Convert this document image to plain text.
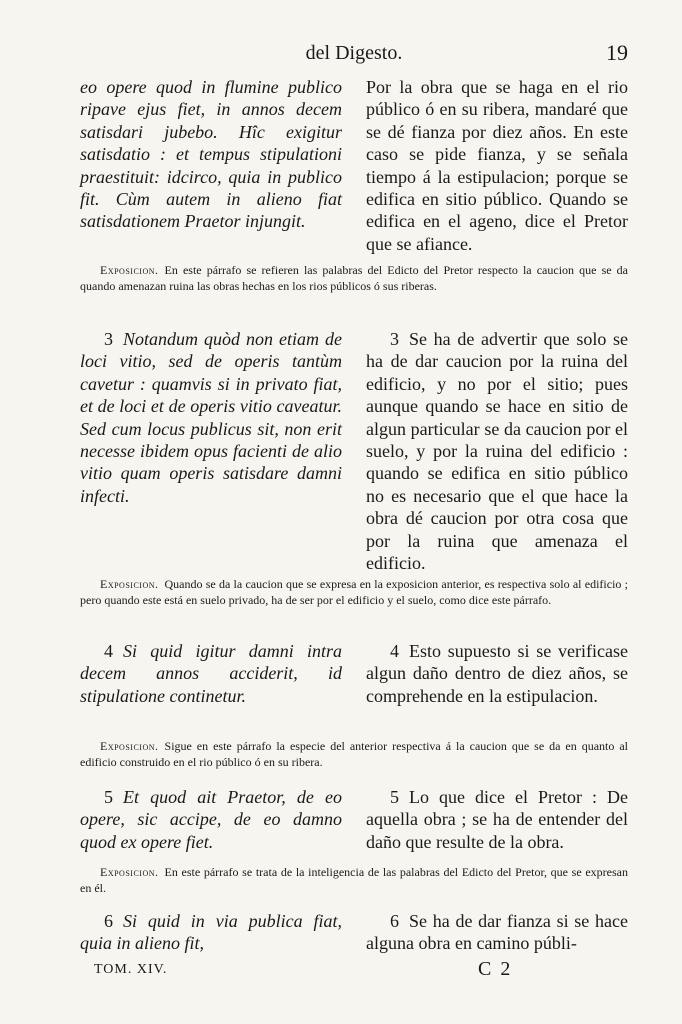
del Digesto.	19

eo opere quod in flumine publico ripave ejus fiet, in annos decem satisdari jubebo. Hîc exigitur satisdatio : et tempus stipulationi praestituit: idcirco, quia in publico fit. Cùm autem in alieno fiat satisdationem Praetor injungit.

Por la obra que se haga en el rio público ó en su ribera, mandaré que se dé fianza por diez años. En este caso se pide fianza, y se señala tiempo á la estipulacion; porque se edifica en sitio público. Quando se edifica en el ageno, dice el Pretor que se afiance.

Exposicion. En este párrafo se refieren las palabras del Edicto del Pretor respecto la caucion que se da quando amenazan ruina las obras hechas en los rios públicos ó sus riberas.

3 Notandum quòd non etiam de loci vitio, sed de operis tantùm cavetur : quamvis si in privato fiat, et de loci et de operis vitio caveatur. Sed cum locus publicus sit, non erit necesse ibidem opus facienti de alio vitio quam operis satisdare damni infecti.

3 Se ha de advertir que solo se ha de dar caucion por la ruina del edificio, y no por el sitio; pues aunque quando se hace en sitio de algun particular se da caucion por el suelo, y por la ruina del edificio : quando se edifica en sitio público no es necesario que el que hace la obra dé caucion por otra cosa que por la ruina que amenaza el edificio.

Exposicion. Quando se da la caucion que se expresa en la exposicion anterior, es respectiva solo al edificio ; pero quando este está en suelo privado, ha de ser por el edificio y el suelo, como dice este párrafo.

4 Si quid igitur damni intra decem annos acciderit, id stipulatione continetur.

4 Esto supuesto si se verificase algun daño dentro de diez años, se comprehende en la estipulacion.

Exposicion. Sigue en este párrafo la especie del anterior respectiva á la caucion que se da en quanto al edificio construido en el rio público ó en su ribera.

5 Et quod ait Praetor, de eo opere, sic accipe, de eo damno quod ex opere fiet.

5 Lo que dice el Pretor : De aquella obra ; se ha de entender del daño que resulte de la obra.

Exposicion. En este párrafo se trata de la inteligencia de las palabras del Edicto del Pretor, que se expresan en él.

6 Si quid in via publica fiat, quia in alieno fit,

6 Se ha de dar fianza si se hace alguna obra en camino públi-

TOM. XIV.	C 2
